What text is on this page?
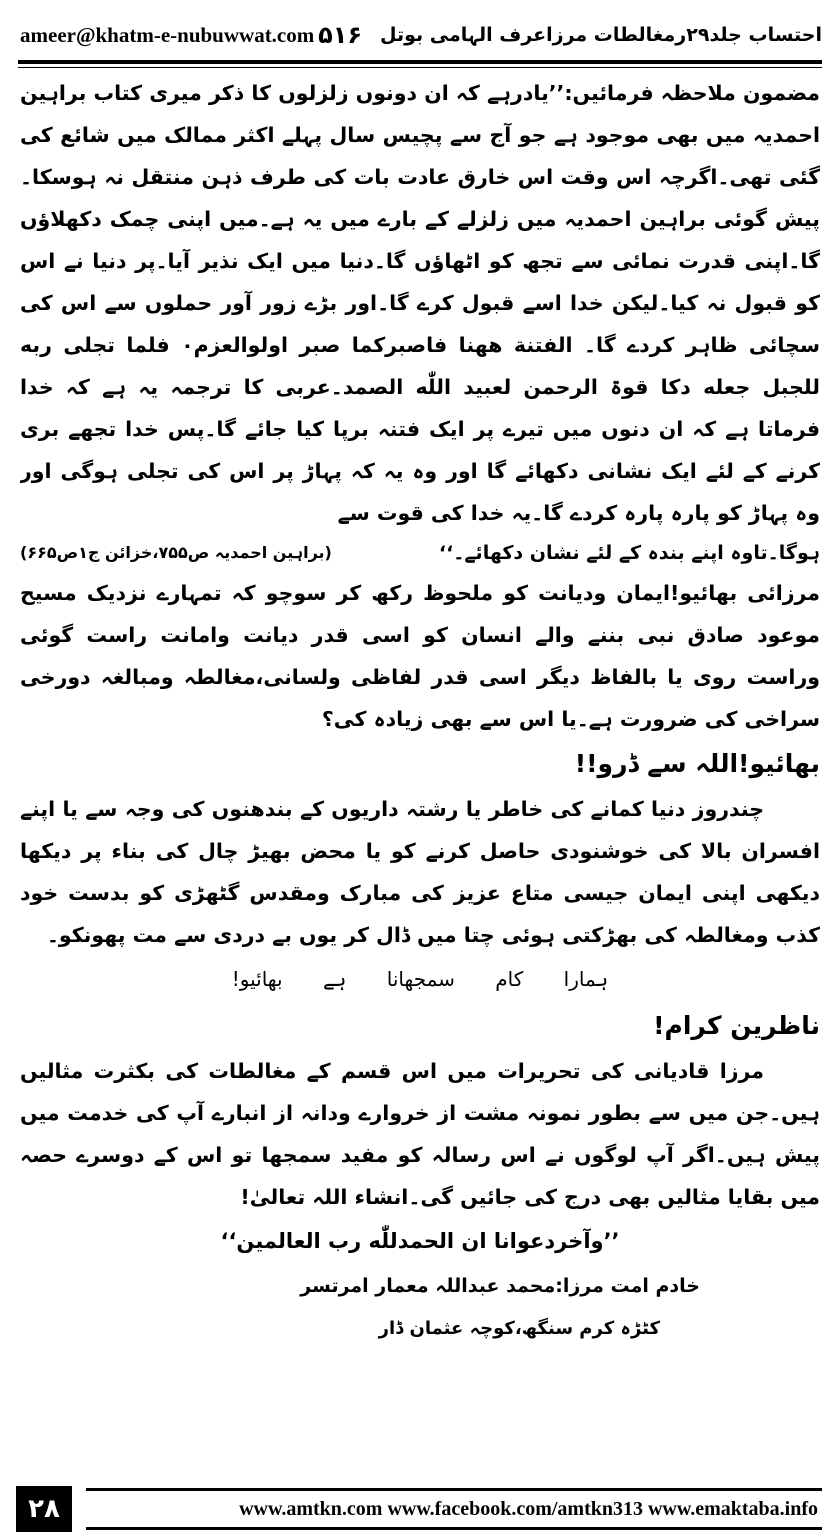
ameer@khatm-e-nubuwwat.com	احتساب جلد۲۹رمغالطات مرزاعرف الہامی بوتل
۵۱۶

مضمون ملاحظہ فرمائیں:’’یادرہے کہ ان دونوں زلزلوں کا ذکر میری کتاب براہین احمدیہ میں بھی موجود ہے جو آج سے پچیس سال پہلے اکثر ممالک میں شائع کی گئی تھی۔اگرچہ اس وقت اس خارق عادت بات کی طرف ذہن منتقل نہ ہوسکا۔پیش گوئی براہین احمدیہ میں زلزلے کے بارے میں یہ ہے۔میں اپنی چمک دکھلاؤں گا۔اپنی قدرت نمائی سے تجھ کو اٹھاؤں گا۔دنیا میں ایک نذیر آیا۔پر دنیا نے اس کو قبول نہ کیا۔لیکن خدا اسے قبول کرے گا۔اور بڑے زور آور حملوں سے اس کی سچائی ظاہر کردے گا۔ الفتنة ھھنا فاصبرکما صبر اولوالعزم۰ فلما تجلی ربه للجبل جعله دکا قوۃ الرحمن لعبید اللّٰه الصمد۔عربی کا ترجمہ یہ ہے کہ خدا فرماتا ہے کہ ان دنوں میں تیرے پر ایک فتنہ برپا کیا جائے گا۔پس خدا تجھے بری کرنے کے لئے ایک نشانی دکھائے گا اور وہ یہ کہ پہاڑ پر اس کی تجلی ہوگی اور وہ پہاڑ کو پارہ پارہ کردے گا۔یہ خدا کی قوت سے

ہوگا۔تاوہ اپنے بندہ کے لئے نشان دکھائے۔‘‘
(براہین احمدیہ ص۷۵۵،خزائن ج۱ص۶۶۵)

مرزائی بھائیو!ایمان ودیانت کو ملحوظ رکھ کر سوچو کہ تمہارے نزدیک مسیح موعود صادق نبی بننے والے انسان کو اسی قدر دیانت وامانت راست گوئی وراست روی یا بالفاظ دیگر اسی قدر لفاظی ولسانی،مغالطہ ومبالغہ دورخی سراخی کی ضرورت ہے۔یا اس سے بھی زیادہ کی؟

بھائیو!اللہ سے ڈرو!!

چندروز دنیا کمانے کی خاطر یا رشتہ داریوں کے بندھنوں کی وجہ سے یا اپنے افسران بالا کی خوشنودی حاصل کرنے کو یا محض بھیڑ چال کی بناء پر دیکھا دیکھی اپنی ایمان جیسی متاع عزیز کی مبارک ومقدس گٹھڑی کو بدست خود کذب ومغالطہ کی بھڑکتی ہوئی چتا میں ڈال کر یوں بے دردی سے مت پھونکو۔

ہمارا کام سمجھانا ہے بھائیو!

ناظرین کرام!

مرزا قادیانی کی تحریرات میں اس قسم کے مغالطات کی بکثرت مثالیں ہیں۔جن میں سے بطور نمونہ مشت از خروارے ودانہ از انبارے آپ کی خدمت میں پیش ہیں۔اگر آپ لوگوں نے اس رسالہ کو مفید سمجھا تو اس کے دوسرے حصہ میں بقایا مثالیں بھی درج کی جائیں گی۔انشاء اللہ تعالیٰ!

’’وآخردعوانا ان الحمدللّٰه رب العالمین‘‘

خادم امت مرزا:محمد عبداللہ معمار امرتسر
کٹڑہ کرم سنگھ،کوچہ عثمان ڈار
۲۸	www.amtkn.com www.facebook.com/amtkn313 www.emaktaba.info
